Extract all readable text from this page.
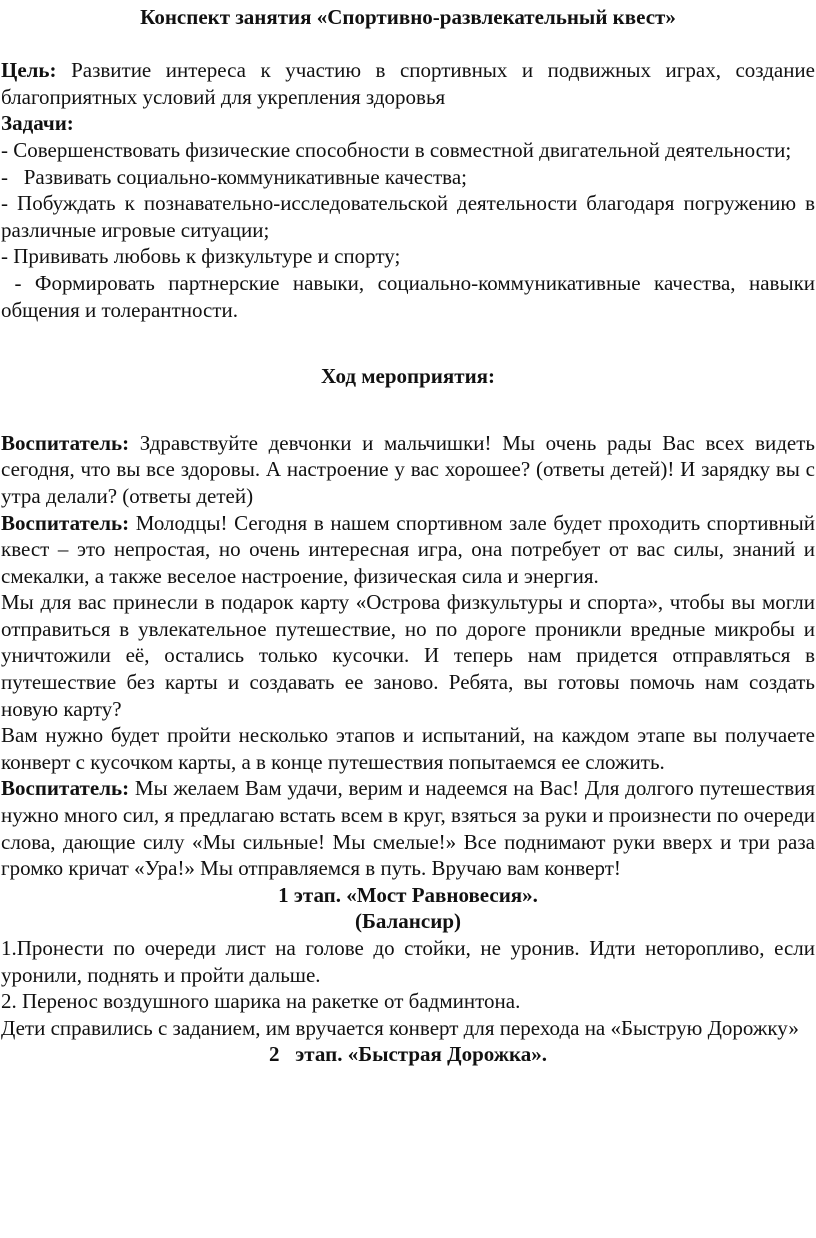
Конспект занятия «Спортивно-развлекательный квест»

Цель: Развитие интереса к участию в спортивных и подвижных играх, создание благоприятных условий для укрепления здоровья

Задачи:

- Совершенствовать физические способности в совместной двигательной деятельности;

-   Развивать социально-коммуникативные качества;

- Побуждать к познавательно-исследовательской деятельности благодаря погружению в различные игровые ситуации;

- Прививать любовь к физкультуре и спорту;

- Формировать партнерские навыки, социально-коммуникативные качества, навыки общения и толерантности.

Ход мероприятия:

Воспитатель: Здравствуйте девчонки и мальчишки! Мы очень рады Вас всех видеть сегодня, что вы все здоровы. А настроение у вас хорошее? (ответы детей)! И зарядку вы с утра делали? (ответы детей)

Воспитатель: Молодцы! Сегодня в нашем спортивном зале будет проходить спортивный квест – это непростая, но очень интересная игра, она потребует от вас силы, знаний и смекалки, а также веселое настроение, физическая сила и энергия.

Мы для вас принесли в подарок карту «Острова физкультуры и спорта», чтобы вы могли отправиться в увлекательное путешествие, но по дороге проникли вредные микробы и уничтожили её, остались только кусочки. И теперь нам придется отправляться в путешествие без карты и создавать ее заново. Ребята, вы готовы помочь нам создать новую карту?

Вам нужно будет пройти несколько этапов и испытаний, на каждом этапе вы получаете конверт с кусочком карты, а в конце путешествия попытаемся ее сложить.

Воспитатель: Мы желаем Вам удачи, верим и надеемся на Вас! Для долгого путешествия нужно много сил, я предлагаю встать всем в круг, взяться за руки и произнести по очереди слова, дающие силу «Мы сильные! Мы смелые!» Все поднимают руки вверх и три раза громко кричат «Ура!» Мы отправляемся в путь. Вручаю вам конверт!

1 этап. «Мост Равновесия».

(Балансир)

1.Пронести по очереди лист на голове до стойки, не уронив. Идти неторопливо, если уронили, поднять и пройти дальше.

2. Перенос воздушного шарика на ракетке от бадминтона.

Дети справились с заданием, им вручается конверт для перехода на «Быструю Дорожку»

2   этап. «Быстрая Дорожка».
